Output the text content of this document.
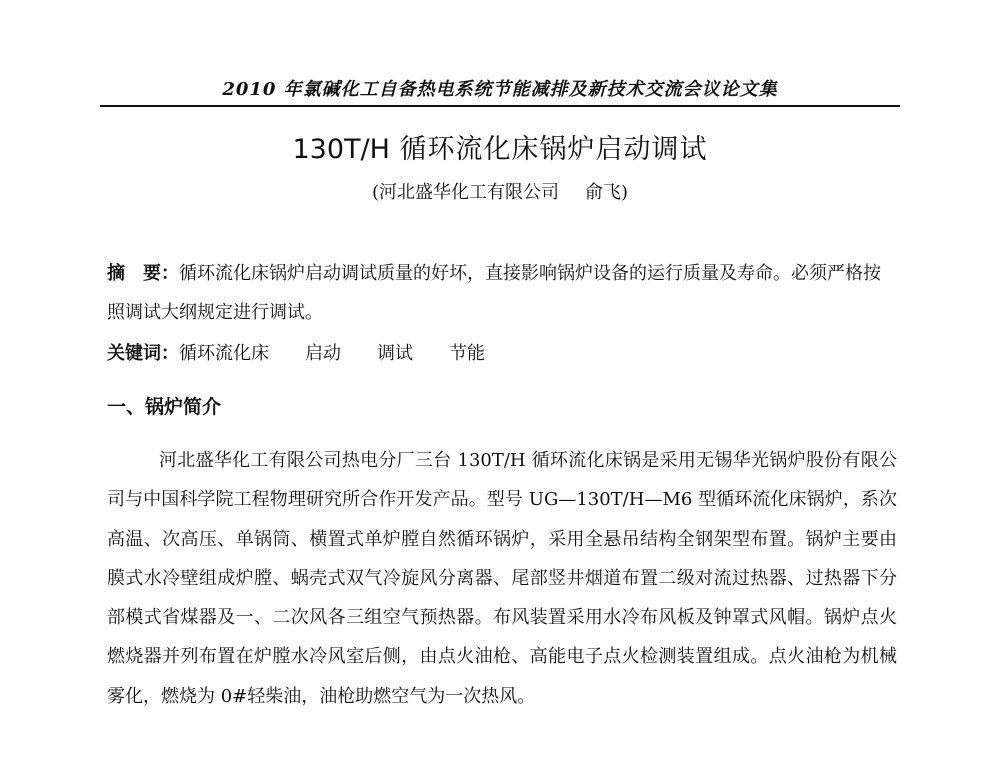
2010 年氯碱化工自备热电系统节能减排及新技术交流会议论文集
130T/H 循环流化床锅炉启动调试
(河北盛华化工有限公司 俞飞)

摘　要：循环流化床锅炉启动调试质量的好坏，直接影响锅炉设备的运行质量及寿命。必须严格按照调试大纲规定进行调试。

关键词：循环流化床 启动 调试 节能
一、锅炉简介

河北盛华化工有限公司热电分厂三台 130T/H 循环流化床锅是采用无锡华光锅炉股份有限公司与中国科学院工程物理研究所合作开发产品。型号 UG—130T/H—M6 型循环流化床锅炉，系次高温、次高压、单锅筒、横置式单炉膛自然循环锅炉，采用全悬吊结构全钢架型布置。锅炉主要由膜式水冷壁组成炉膛、蜗壳式双气冷旋风分离器、尾部竖井烟道布置二级对流过热器、过热器下分部模式省煤器及一、二次风各三组空气预热器。布风装置采用水冷布风板及钟罩式风帽。锅炉点火燃烧器并列布置在炉膛水冷风室后侧，由点火油枪、高能电子点火检测装置组成。点火油枪为机械雾化，燃烧为 0#轻柴油，油枪助燃空气为一次热风。
